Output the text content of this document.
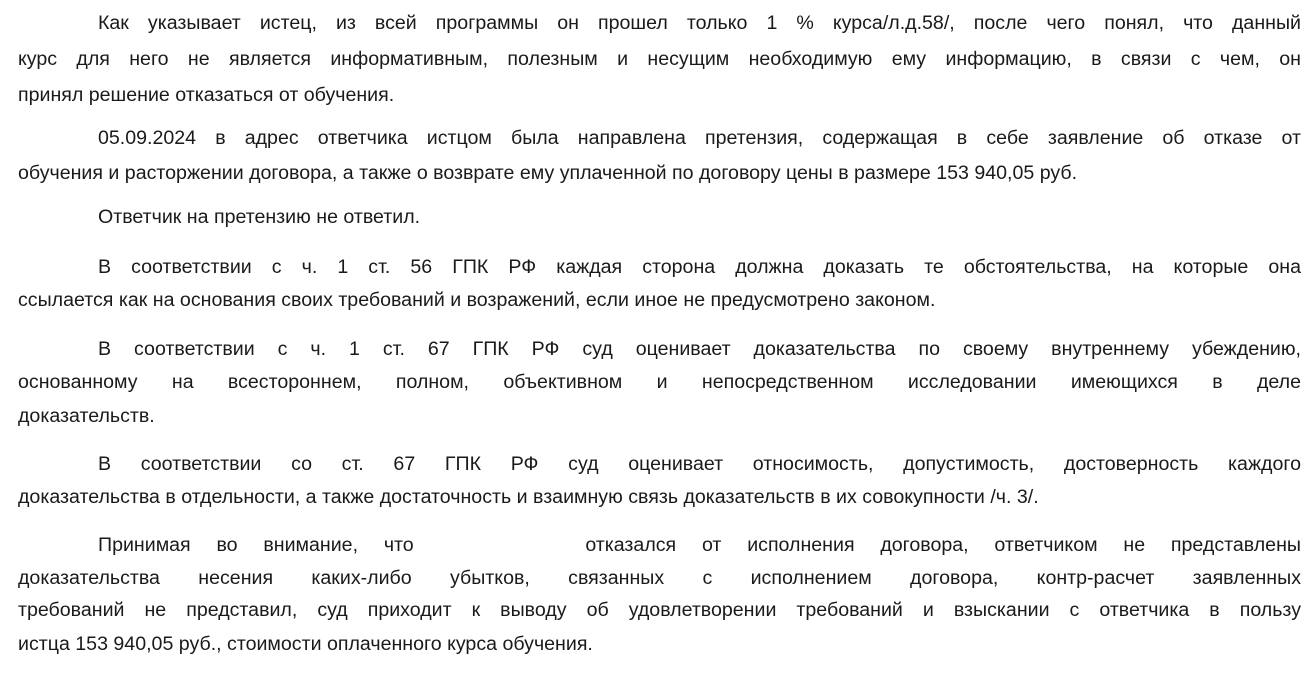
Как указывает истец, из всей программы он прошел только 1 % курса/л.д.58/, после чего понял, что данный
курс для него не является информативным, полезным и несущим необходимую ему информацию, в связи с чем, он
принял решение отказаться от обучения.
05.09.2024 в адрес ответчика истцом была направлена претензия, содержащая в себе заявление об отказе от
обучения и расторжении договора, а также о возврате ему уплаченной по договору цены в размере 153 940,05 руб.
Ответчик на претензию не ответил.
В соответствии с ч. 1 ст. 56 ГПК РФ каждая сторона должна доказать те обстоятельства, на которые она
ссылается как на основания своих требований и возражений, если иное не предусмотрено законом.
В соответствии с ч. 1 ст. 67 ГПК РФ суд оценивает доказательства по своему внутреннему убеждению,
основанному на всестороннем, полном, объективном и непосредственном исследовании имеющихся в деле
доказательств.
В соответствии со ст. 67 ГПК РФ суд оценивает относимость, допустимость, достоверность каждого
доказательства в отдельности, а также достаточность и взаимную связь доказательств в их совокупности /ч. 3/.
Принимая во внимание, что	отказался от исполнения договора, ответчиком не представлены
доказательства несения каких-либо убытков, связанных с исполнением договора, контр-расчет заявленных
требований не представил, суд приходит к выводу об удовлетворении требований и взыскании с ответчика в пользу
истца 153 940,05 руб., стоимости оплаченного курса обучения.
